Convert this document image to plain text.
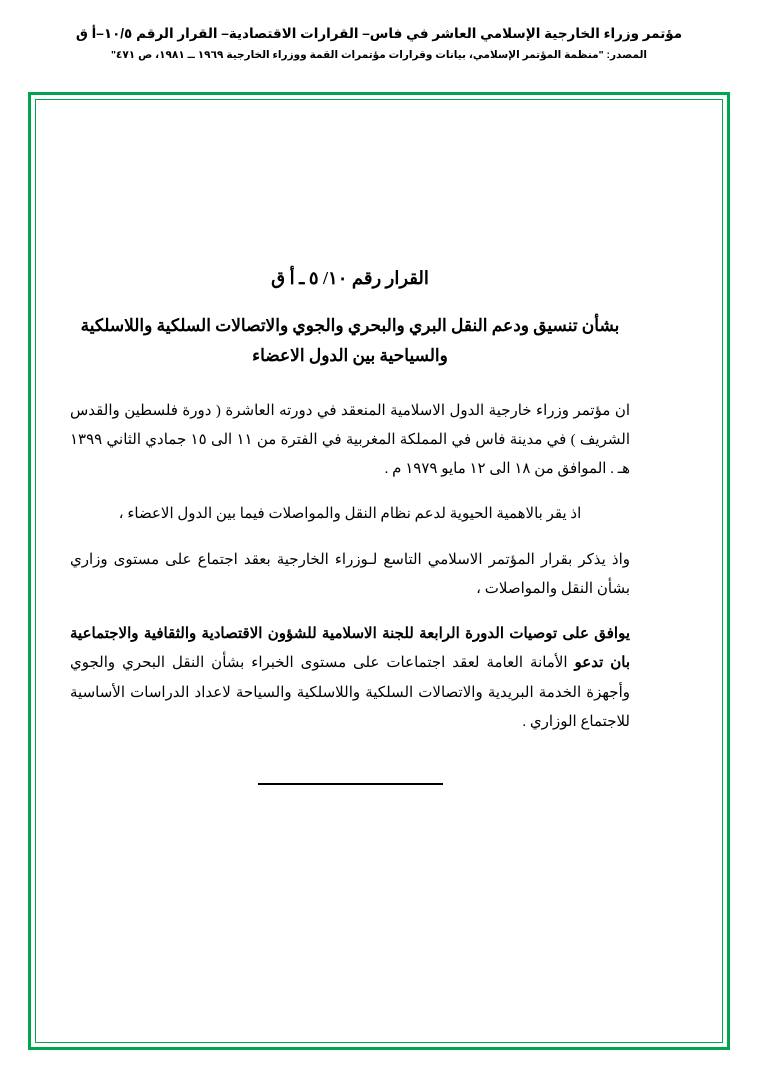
مؤتمر وزراء الخارجية الإسلامي العاشر في فاس– القرارات الاقتصادية– القرار الرقم ١٠/٥–أ ق
المصدر: "منظمة المؤتمر الإسلامي، بيانات وقرارات مؤتمرات القمة ووزراء الخارجية ١٩٦٩ ــ ١٩٨١، ص ٤٧١"
القرار رقم ١٠/ ٥ ـ أ ق
بشأن تنسيق ودعم النقل البري والبحري والجوي والاتصالات السلكية واللاسلكية والسياحية بين الدول الاعضاء

ان مؤتمر وزراء خارجية الدول الاسلامية المنعقد في دورته العاشرة ( دورة فلسطين والقدس الشريف ) في مدينة فاس في المملكة المغربية في الفترة من ١١ الى ١٥ جمادي الثاني ١٣٩٩ هـ . الموافق من ١٨ الى ١٢ مايو ١٩٧٩ م .

اذ يقر بالاهمية الحيوية لدعم نظام النقل والمواصلات فيما بين الدول الاعضاء ،

واذ يذكر بقرار المؤتمر الاسلامي التاسع لـوزراء الخارجية بعقد اجتماع على مستوى وزاري بشأن النقل والمواصلات ،

يوافق على توصيات الدورة الرابعة للجنة الاسلامية للشؤون الاقتصادية والثقافية والاجتماعية بان تدعو الأمانة العامة لعقد اجتماعات على مستوى الخبراء بشأن النقل البحري والجوي وأجهزة الخدمة البريدية والاتصالات السلكية واللاسلكية والسياحة لاعداد الدراسات الأساسية للاجتماع الوزاري .
